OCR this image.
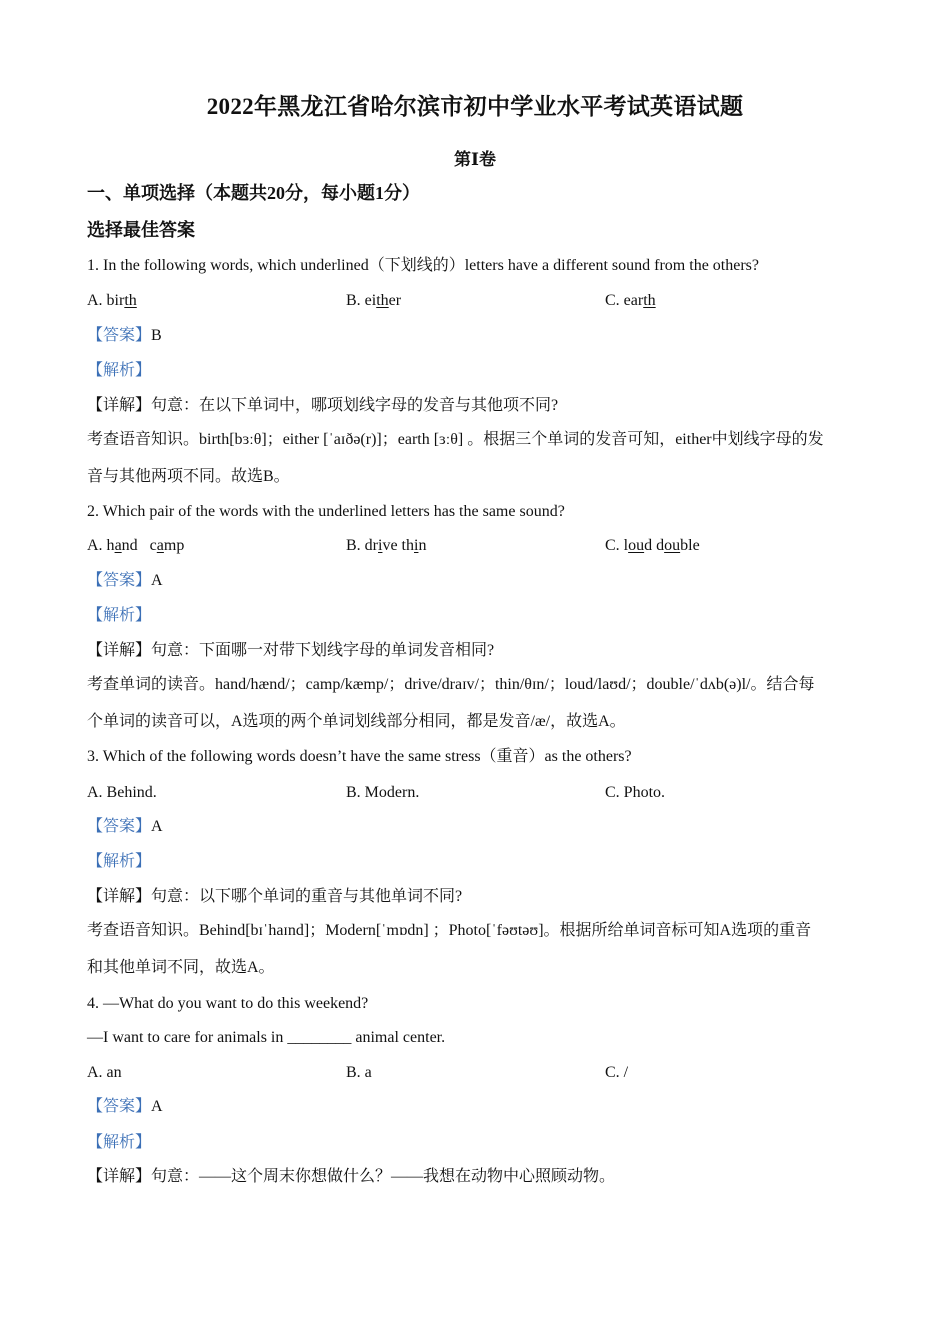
2022年黑龙江省哈尔滨市初中学业水平考试英语试题
第Ⅰ卷
一、单项选择（本题共20分，每小题1分）
选择最佳答案
1. In the following words, which underlined（下划线的）letters have a different sound from the others?
A. birth	B. either	C. earth
【答案】B
【解析】
【详解】句意：在以下单词中，哪项划线字母的发音与其他项不同?
考查语音知识。birth[bɜːθ]；either [ˈaɪðə(r)]；earth [ɜːθ] 。根据三个单词的发音可知，either中划线字母的发
音与其他两项不同。故选B。
2. Which pair of the words with the underlined letters has the same sound?
A. hand   camp	B. drive thin	C. loud double
【答案】A
【解析】
【详解】句意：下面哪一对带下划线字母的单词发音相同?
考查单词的读音。hand/hænd/；camp/kæmp/；drive/draɪv/；thin/θɪn/；loud/laʊd/；double/ˈdʌb(ə)l/。结合每
个单词的读音可以，A选项的两个单词划线部分相同，都是发音/æ/，故选A。
3. Which of the following words doesn’t have the same stress（重音）as the others?
A. Behind.	B. Modern.	C. Photo.
【答案】A
【解析】
【详解】句意：以下哪个单词的重音与其他单词不同?
考查语音知识。Behind[bɪˈhaɪnd]；Modern[ˈmɒdn] ；Photo[ˈfəʊtəʊ]。根据所给单词音标可知A选项的重音
和其他单词不同，故选A。
4. —What do you want to do this weekend?
—I want to care for animals in ________ animal center.
A. an	B. a	C. /
【答案】A
【解析】
【详解】句意：——这个周末你想做什么？——我想在动物中心照顾动物。
